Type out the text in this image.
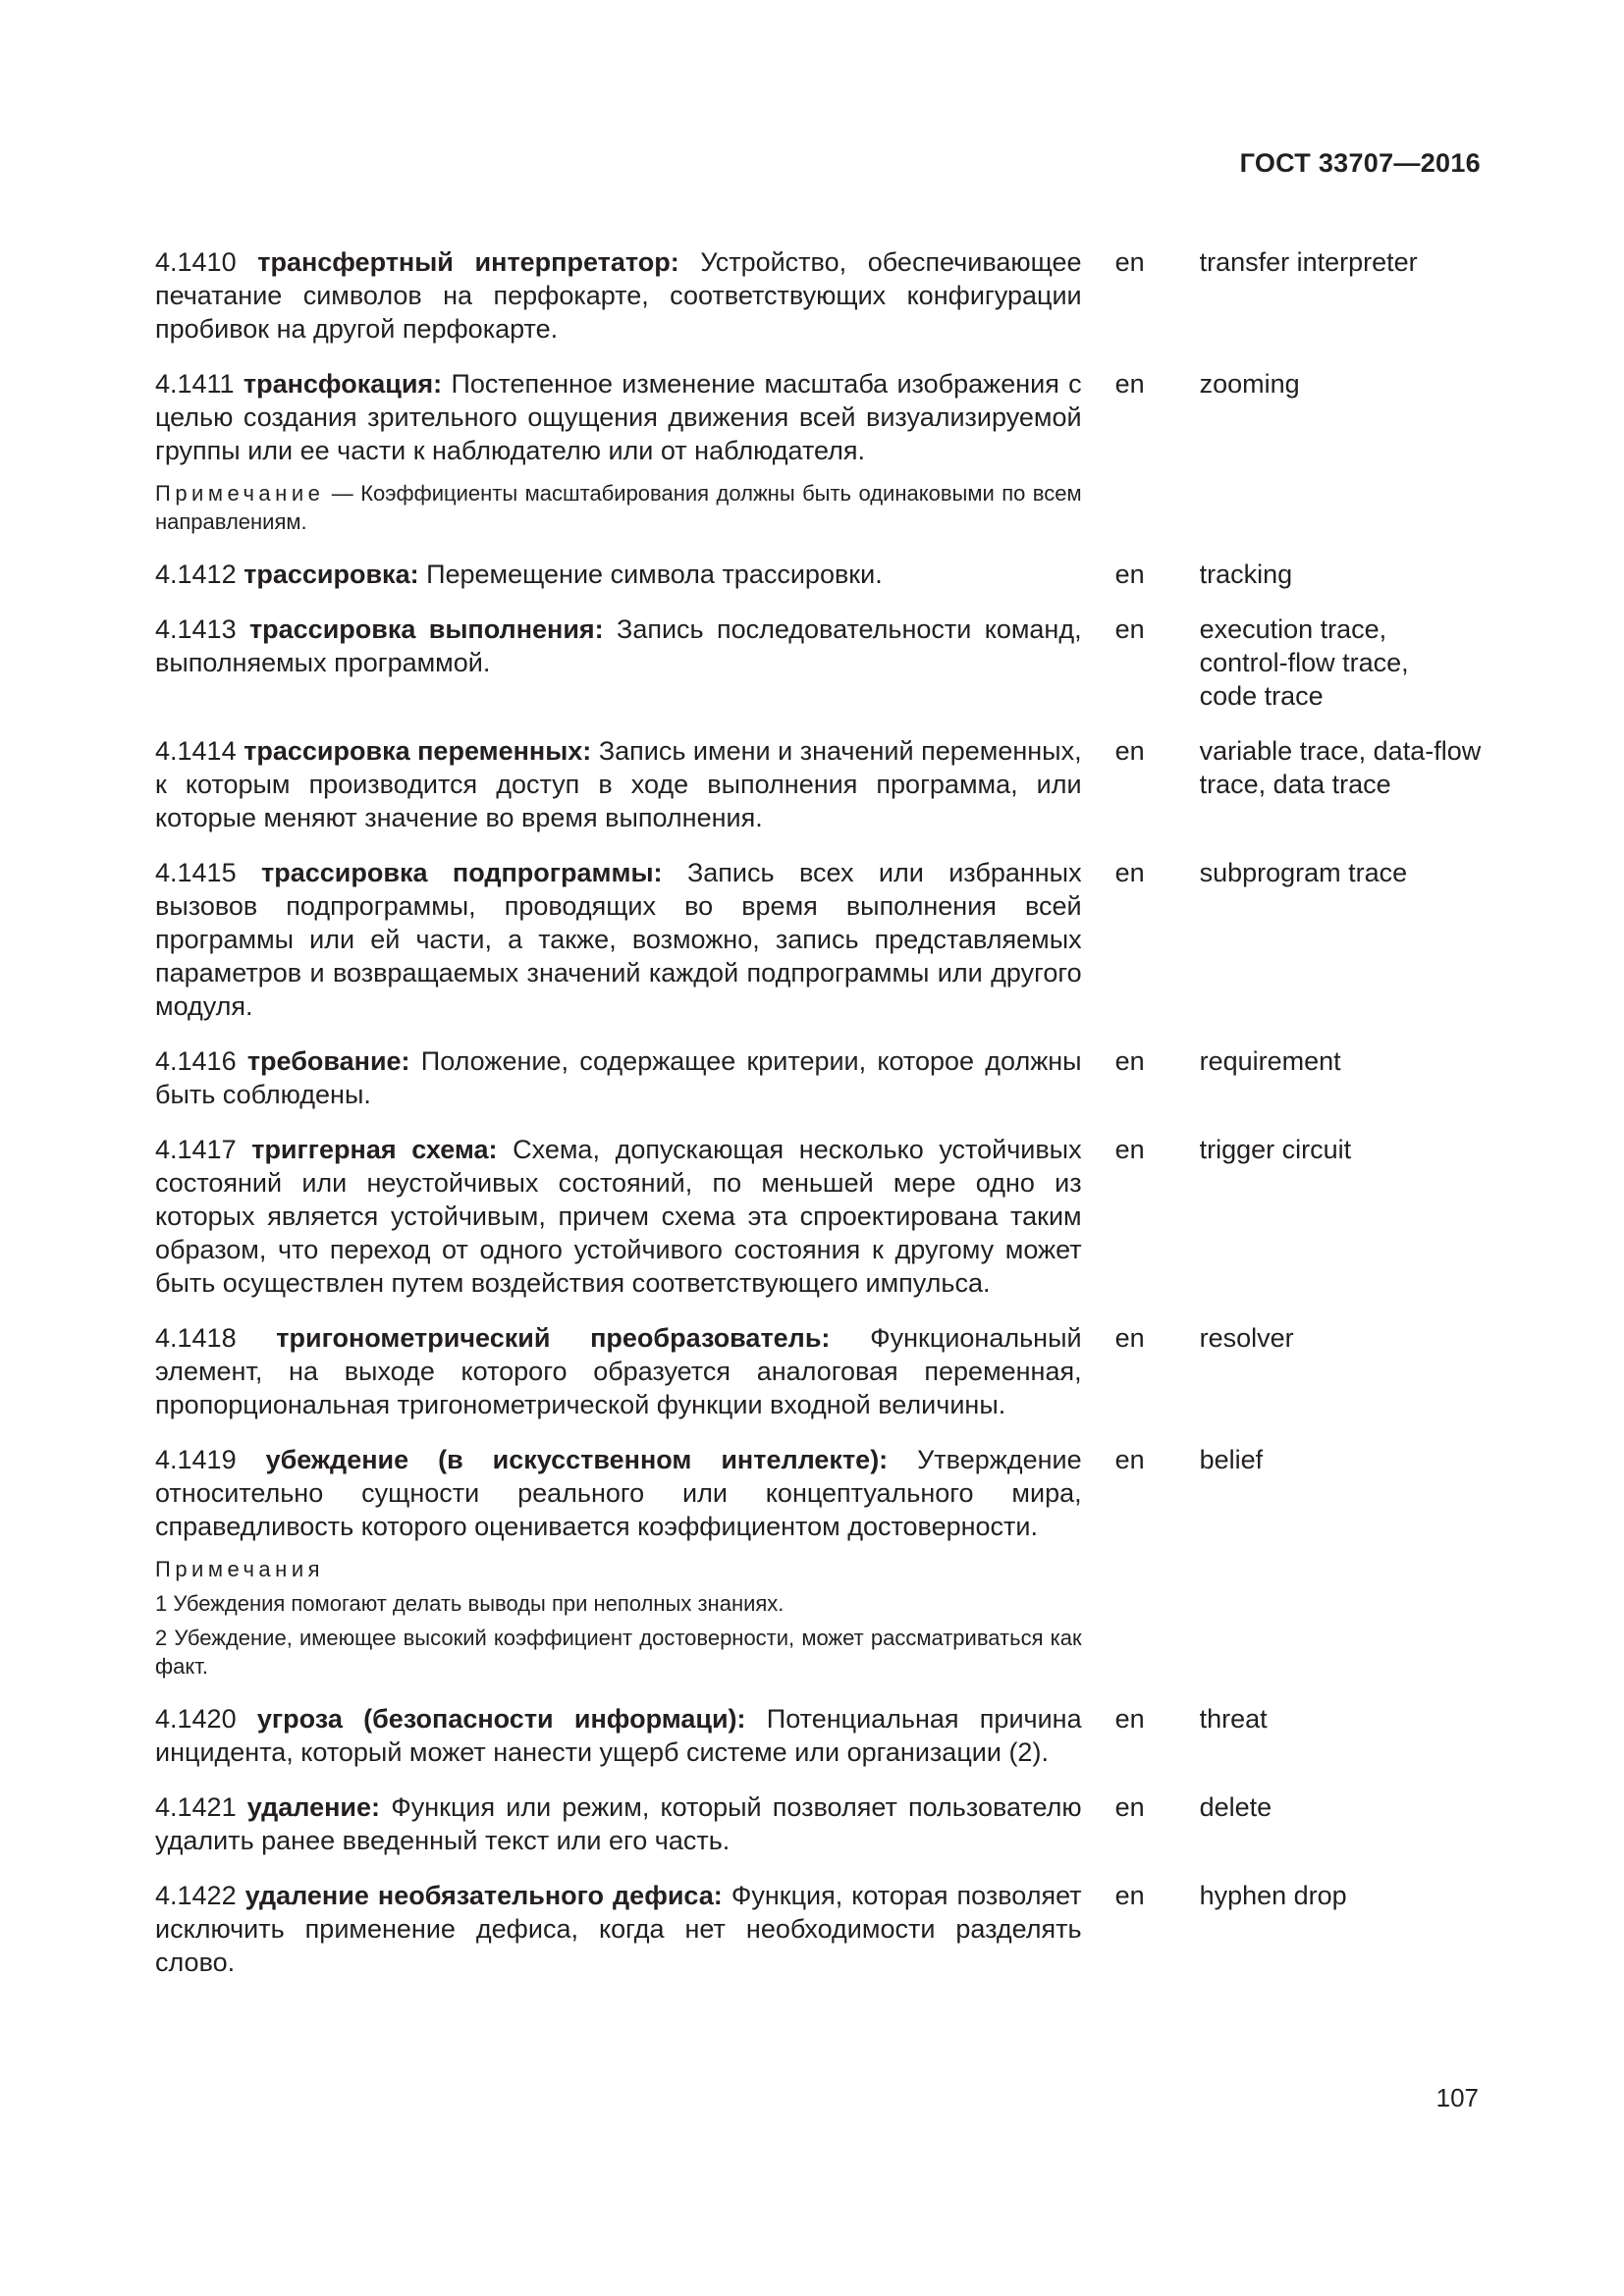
ГОСТ 33707—2016

4.1410 трансфертный интерпретатор: Устройство, обеспечивающее печатание символов на перфокарте, соответствующих конфигурации пробивок на другой перфокарте.

en	transfer interpreter

4.1411 трансфокация: Постепенное изменение масштаба изображения с целью создания зрительного ощущения движения всей визуализируемой группы или ее части к наблюдателю или от наблюдателя.

Примечание — Коэффициенты масштабирования должны быть одинаковыми по всем направлениям.

en	zooming

4.1412 трассировка: Перемещение символа трассировки.	en	tracking

4.1413 трассировка выполнения: Запись последовательности команд, выполняемых программой.

en	execution trace,
control-flow trace,
code trace

4.1414 трассировка переменных: Запись имени и значений переменных, к которым производится доступ в ходе выполнения программа, или которые меняют значение во время выполнения.

en	variable trace, data-flow
trace, data trace

4.1415 трассировка подпрограммы: Запись всех или избранных вызовов подпрограммы, проводящих во время выполнения всей программы или ей части, а также, возможно, запись представляемых параметров и возвращаемых значений каждой подпрограммы или другого модуля.

en	subprogram trace

4.1416 требование: Положение, содержащее критерии, которое должны быть соблюдены.

en	requirement

4.1417 триггерная схема: Схема, допускающая несколько устойчивых состояний или неустойчивых состояний, по меньшей мере одно из которых является устойчивым, причем схема эта спроектирована таким образом, что переход от одного устойчивого состояния к другому может быть осуществлен путем воздействия соответствующего импульса.

en	trigger circuit

4.1418 тригонометрический преобразователь: Функциональный элемент, на выходе которого образуется аналоговая переменная, пропорциональная тригонометрической функции входной величины.

en	resolver

4.1419 убеждение (в искусственном интеллекте): Утверждение относительно сущности реального или концептуального мира, справедливость которого оценивается коэффициентом достоверности.

Примечания

1 Убеждения помогают делать выводы при неполных знаниях.

2 Убеждение, имеющее высокий коэффициент достоверности, может рассматриваться как факт.

en	belief

4.1420 угроза (безопасности информаци): Потенциальная причина инцидента, который может нанести ущерб системе или организации (2).

en	threat

4.1421 удаление: Функция или режим, который позволяет пользователю удалить ранее введенный текст или его часть.

en	delete

4.1422 удаление необязательного дефиса: Функция, которая позволяет исключить применение дефиса, когда нет необходимости разделять слово.

en	hyphen drop
107
